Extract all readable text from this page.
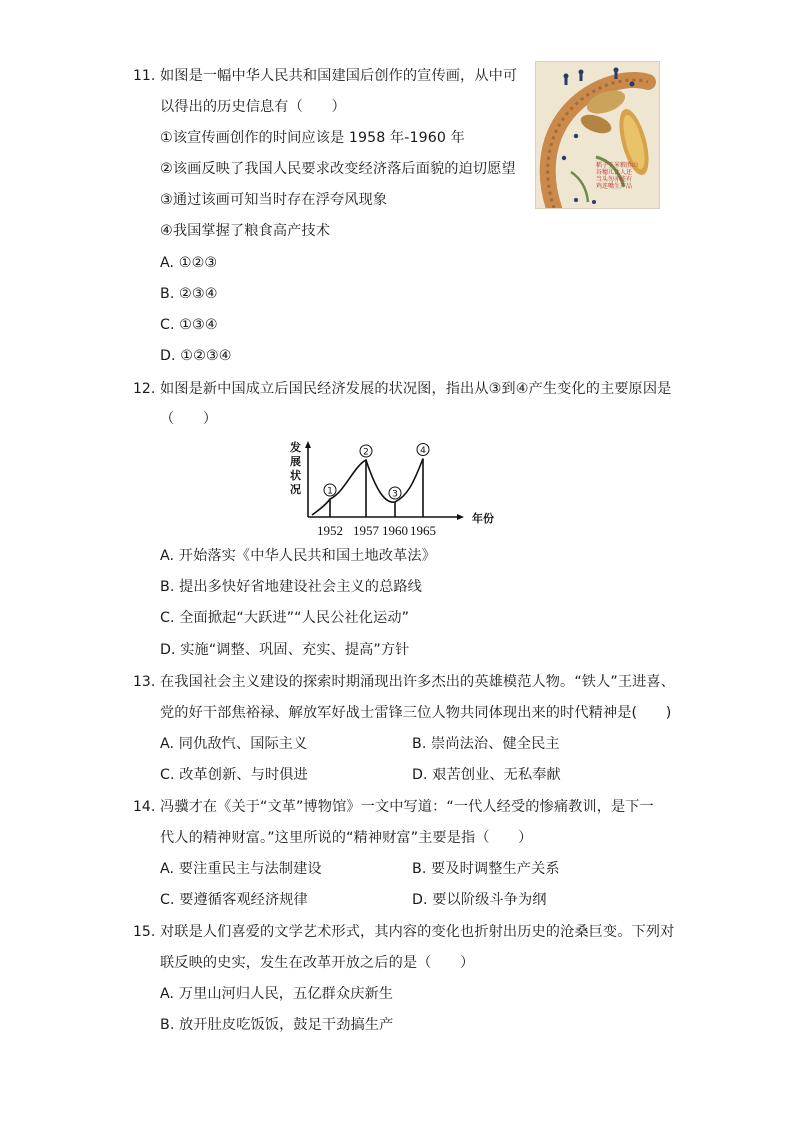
11. 如图是一幅中华人民共和国建国后创作的宣传画，从中可
以得出的历史信息有（　　）
①该宣传画创作的时间应该是 1958 年-1960 年
②该画反映了我国人民要求改变经济落后面貌的迫切愿望
③通过该画可知当时存在浮夸风现象
④我国掌握了粮食高产技术
A. ①②③
B. ②③④
C. ①③④
D. ①②③④
稻子王米粮胜山
谷穗儿比人还
当头勿亦能有
鸡连嘴生产品
12. 如图是新中国成立后国民经济发展的状况图，指出从③到④产生变化的主要原因是
（　　）
发
展
状
况
年份
1
1952
2
1957
3
1960
4
1965
A. 开始落实《中华人民共和国土地改革法》
B. 提出多快好省地建设社会主义的总路线
C. 全面掀起“大跃进”“人民公社化运动”
D. 实施“调整、巩固、充实、提高”方针
13. 在我国社会主义建设的探索时期涌现出许多杰出的英雄模范人物。“铁人”王进喜、
党的好干部焦裕禄、解放军好战士雷锋三位人物共同体现出来的时代精神是(　　)
A. 同仇敌忾、国际主义	B. 崇尚法治、健全民主
C. 改革创新、与时俱进	D. 艰苦创业、无私奉献
14. 冯骥才在《关于“文革”博物馆》一文中写道：“一代人经受的惨痛教训，是下一
代人的精神财富。”这里所说的“精神财富”主要是指（　　）
A. 要注重民主与法制建设	B. 要及时调整生产关系
C. 要遵循客观经济规律	D. 要以阶级斗争为纲
15. 对联是人们喜爱的文学艺术形式，其内容的变化也折射出历史的沧桑巨变。下列对
联反映的史实，发生在改革开放之后的是（　　）
A. 万里山河归人民，五亿群众庆新生
B. 放开肚皮吃饭饭，鼓足干劲搞生产
